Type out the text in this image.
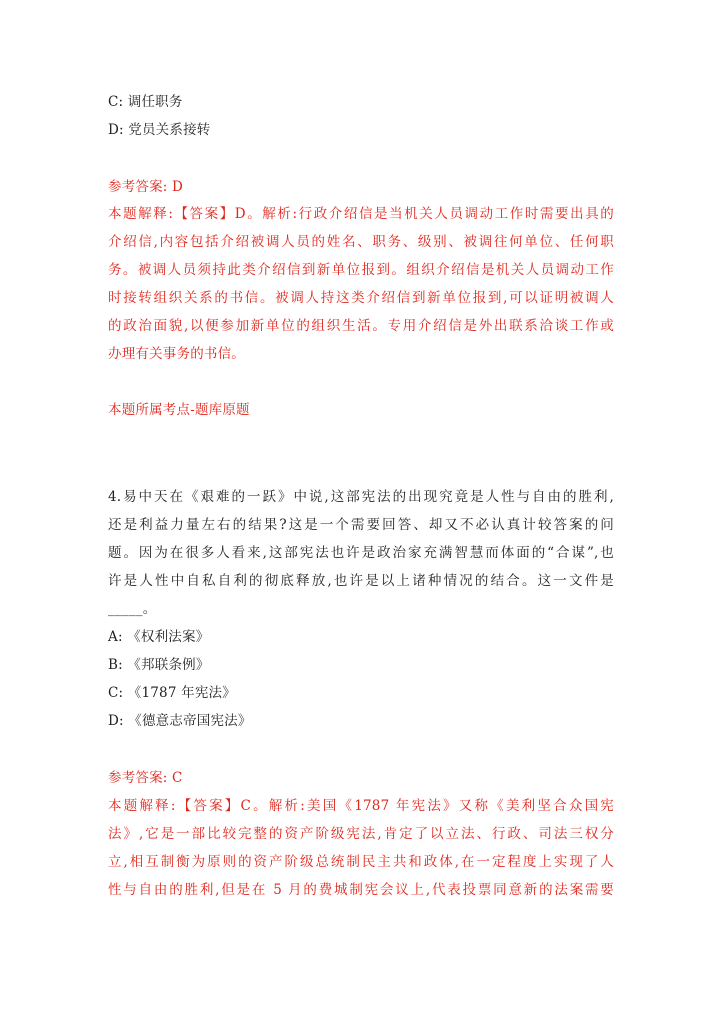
C: 调任职务
D: 党员关系接转
参考答案: D
本题解释:【答案】D。解析:行政介绍信是当机关人员调动工作时需要出具的
介绍信,内容包括介绍被调人员的姓名、职务、级别、被调往何单位、任何职
务。被调人员须持此类介绍信到新单位报到。组织介绍信是机关人员调动工作
时接转组织关系的书信。被调人持这类介绍信到新单位报到,可以证明被调人
的政治面貌,以便参加新单位的组织生活。专用介绍信是外出联系洽谈工作或
办理有关事务的书信。
本题所属考点-题库原题
4.易中天在《艰难的一跃》中说,这部宪法的出现究竟是人性与自由的胜利,
还是利益力量左右的结果?这是一个需要回答、却又不必认真计较答案的问
题。因为在很多人看来,这部宪法也许是政治家充满智慧而体面的“合谋”,也
许是人性中自私自利的彻底释放,也许是以上诸种情况的结合。这一文件是
_____。
A: 《权利法案》
B: 《邦联条例》
C: 《1787 年宪法》
D: 《德意志帝国宪法》
参考答案: C
本题解释:【答案】C。解析:美国《1787 年宪法》又称《美利坚合众国宪
法》,它是一部比较完整的资产阶级宪法,肯定了以立法、行政、司法三权分
立,相互制衡为原则的资产阶级总统制民主共和政体,在一定程度上实现了人
性与自由的胜利,但是在 5 月的费城制宪会议上,代表投票同意新的法案需要
